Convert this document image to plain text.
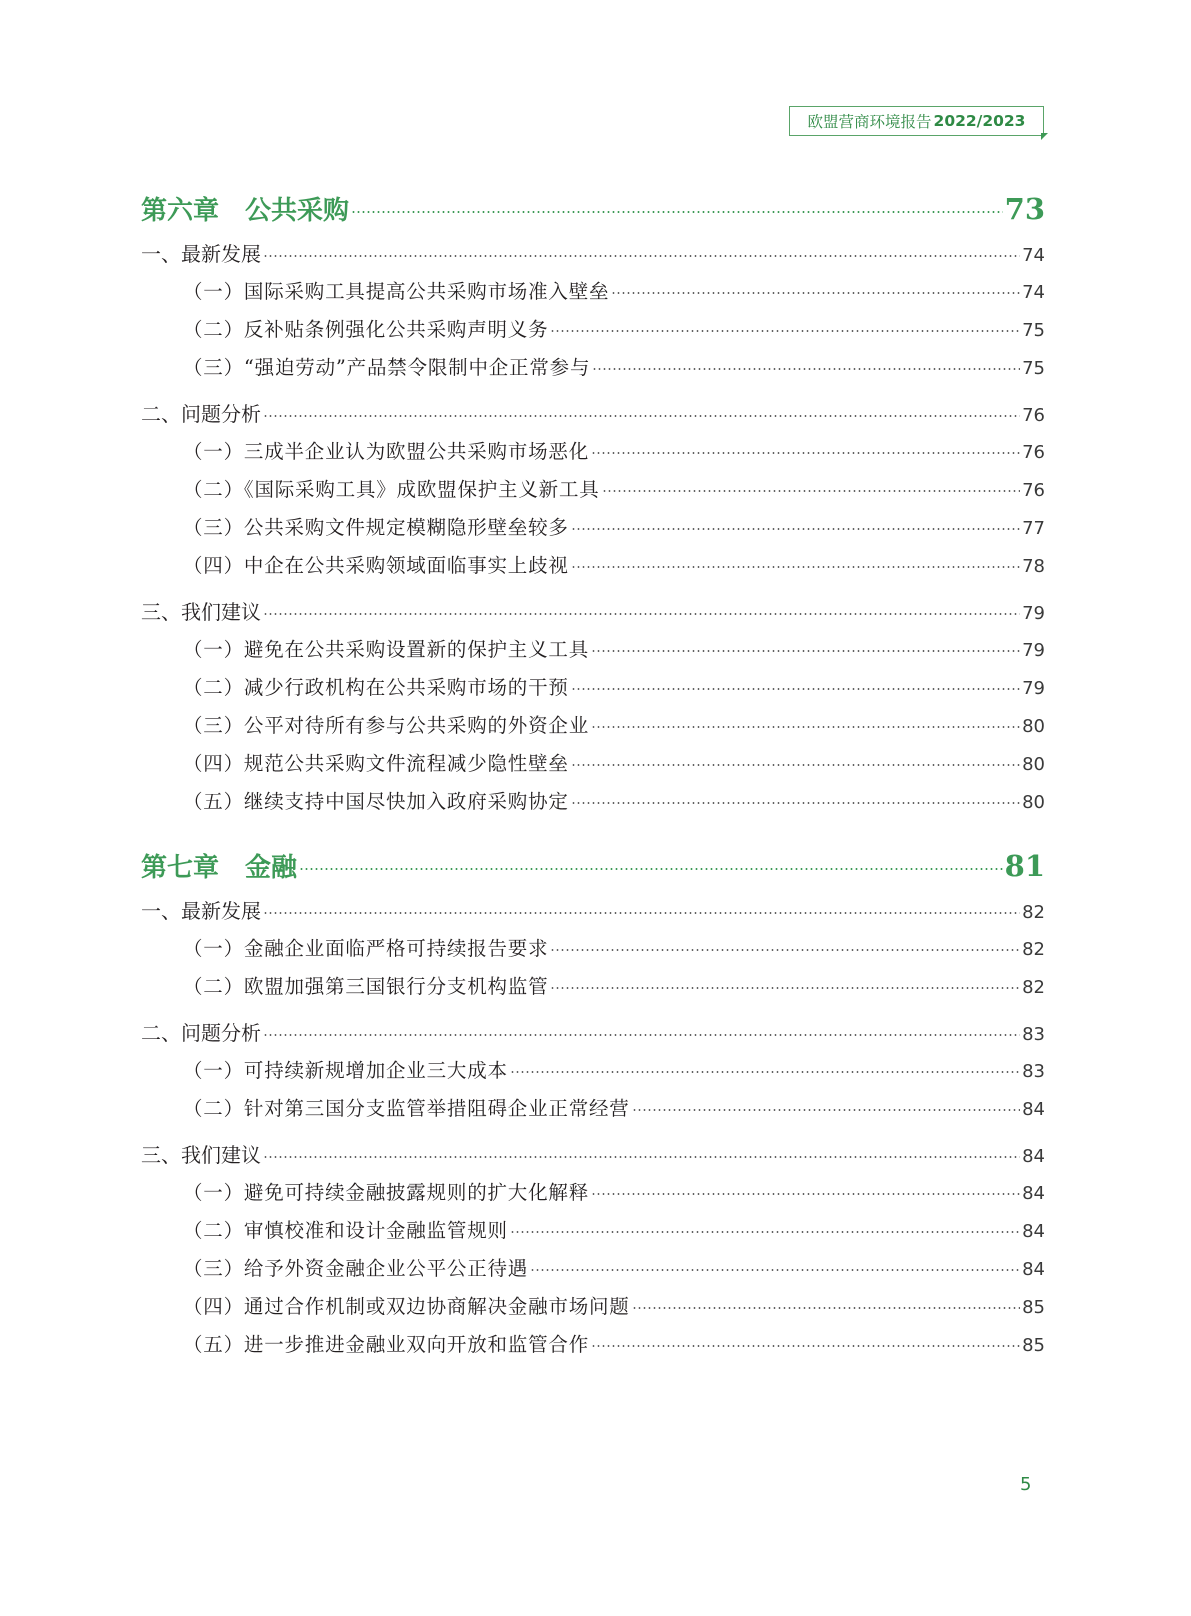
欧盟营商环境报告 2022/2023
第六章　公共采购	73
一、最新发展	74
（一）国际采购工具提高公共采购市场准入壁垒	74
（二）反补贴条例强化公共采购声明义务	75
（三）“强迫劳动”产品禁令限制中企正常参与	75
二、问题分析	76
（一）三成半企业认为欧盟公共采购市场恶化	76
（二）《国际采购工具》成欧盟保护主义新工具	76
（三）公共采购文件规定模糊隐形壁垒较多	77
（四）中企在公共采购领域面临事实上歧视	78
三、我们建议	79
（一）避免在公共采购设置新的保护主义工具	79
（二）减少行政机构在公共采购市场的干预	79
（三）公平对待所有参与公共采购的外资企业	80
（四）规范公共采购文件流程减少隐性壁垒	80
（五）继续支持中国尽快加入政府采购协定	80
第七章　金融	81
一、最新发展	82
（一）金融企业面临严格可持续报告要求	82
（二）欧盟加强第三国银行分支机构监管	82
二、问题分析	83
（一）可持续新规增加企业三大成本	83
（二）针对第三国分支监管举措阻碍企业正常经营	84
三、我们建议	84
（一）避免可持续金融披露规则的扩大化解释	84
（二）审慎校准和设计金融监管规则	84
（三）给予外资金融企业公平公正待遇	84
（四）通过合作机制或双边协商解决金融市场问题	85
（五）进一步推进金融业双向开放和监管合作	85
5
